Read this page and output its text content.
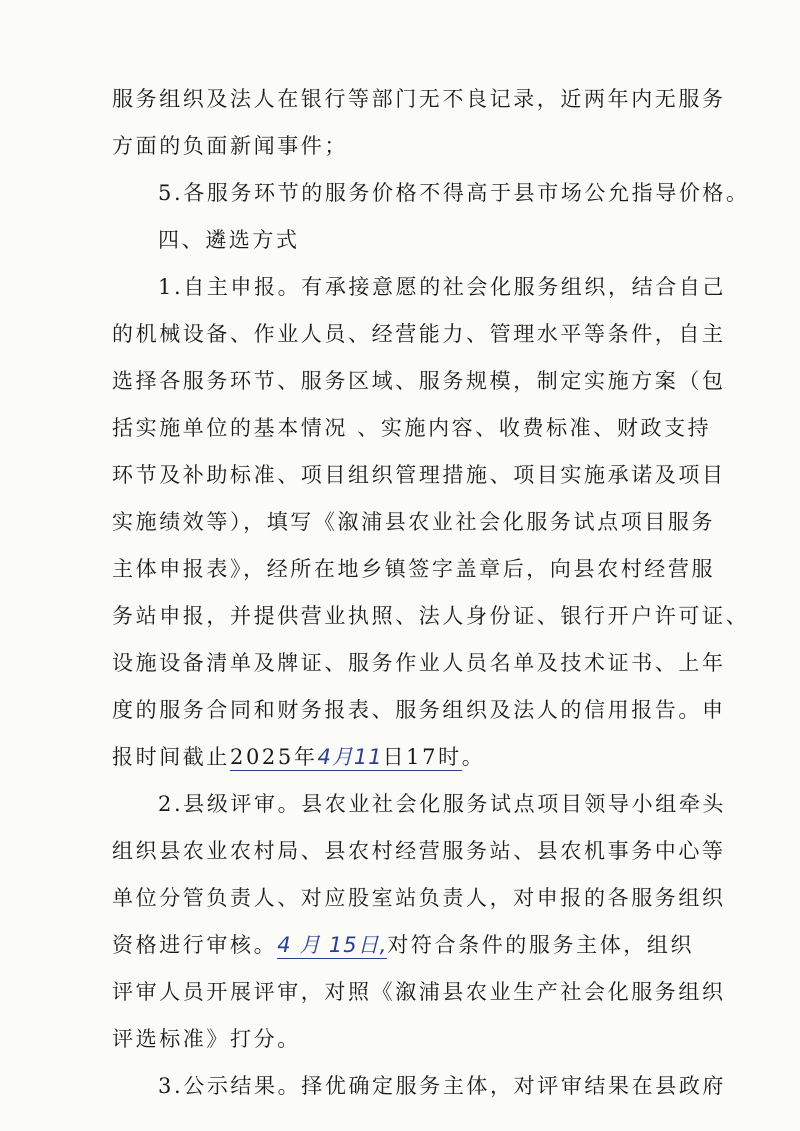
服务组织及法人在银行等部门无不良记录，近两年内无服务
方面的负面新闻事件；
5.各服务环节的服务价格不得高于县市场公允指导价格。
四、遴选方式
1.自主申报。有承接意愿的社会化服务组织，结合自己
的机械设备、作业人员、经营能力、管理水平等条件，自主
选择各服务环节、服务区域、服务规模，制定实施方案（包
括实施单位的基本情况 、实施内容、收费标准、财政支持
环节及补助标准、项目组织管理措施、项目实施承诺及项目
实施绩效等），填写《溆浦县农业社会化服务试点项目服务
主体申报表》，经所在地乡镇签字盖章后，向县农村经营服
务站申报，并提供营业执照、法人身份证、银行开户许可证、
设施设备清单及牌证、服务作业人员名单及技术证书、上年
度的服务合同和财务报表、服务组织及法人的信用报告。申
报时间截止2025年4月11日17时。
2.县级评审。县农业社会化服务试点项目领导小组牵头
组织县农业农村局、县农村经营服务站、县农机事务中心等
单位分管负责人、对应股室站负责人，对申报的各服务组织
资格进行审核。4 月 15日,对符合条件的服务主体，组织
评审人员开展评审，对照《溆浦县农业生产社会化服务组织
评选标准》打分。
3.公示结果。择优确定服务主体，对评审结果在县政府
